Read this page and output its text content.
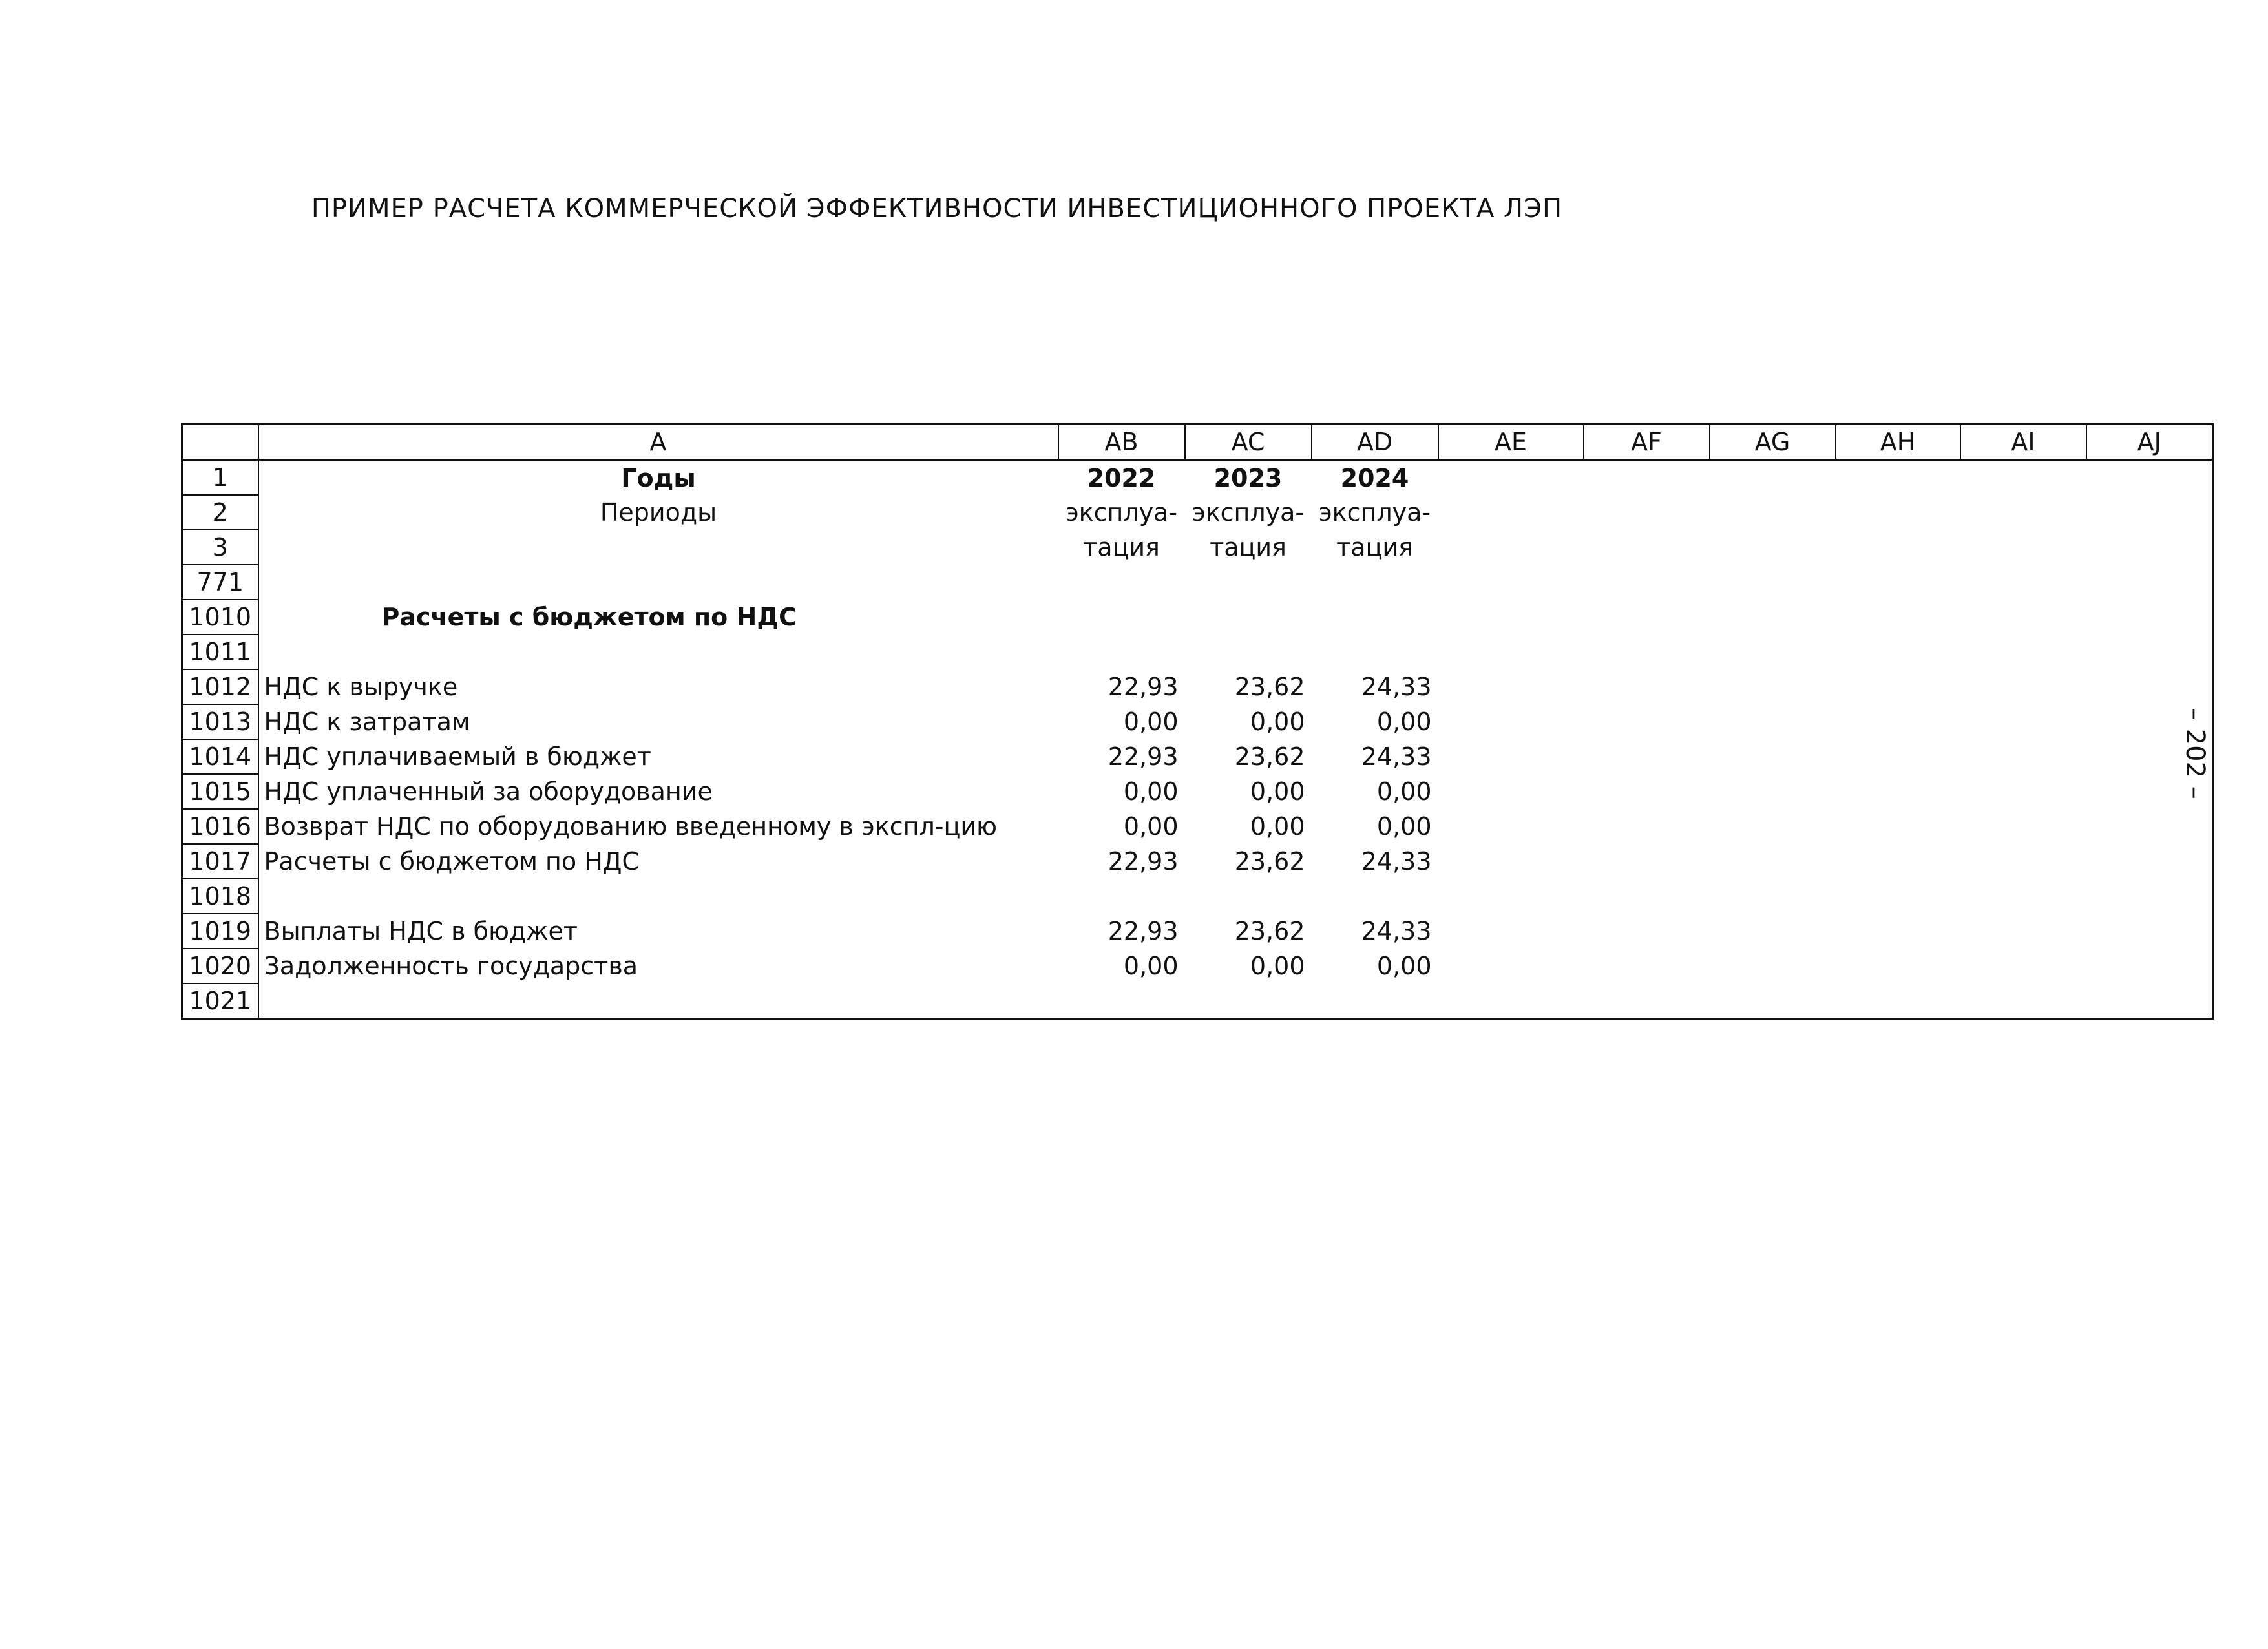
ПРИМЕР РАСЧЕТА КОММЕРЧЕСКОЙ ЭФФЕКТИВНОСТИ ИНВЕСТИЦИОННОГО ПРОЕКТА ЛЭП
– 202 –
	A	AB	AC	AD	AE	AF	AG	AH	AI	AJ
1	Годы	2022	2023	2024						
2	Периоды	эксплуа-	эксплуа-	эксплуа-						
3		тация	тация	тация						
771										
1010	Расчеты с бюджетом по НДС									
1011										
1012	НДС к выручке	22,93	23,62	24,33						
1013	НДС к затратам	0,00	0,00	0,00						
1014	НДС уплачиваемый в бюджет	22,93	23,62	24,33						
1015	НДС уплаченный за оборудование	0,00	0,00	0,00						
1016	Возврат НДС по оборудованию введенному в экспл-цию	0,00	0,00	0,00						
1017	Расчеты с бюджетом по НДС	22,93	23,62	24,33						
1018										
1019	Выплаты НДС в бюджет	22,93	23,62	24,33						
1020	Задолженность государства	0,00	0,00	0,00						
1021										
